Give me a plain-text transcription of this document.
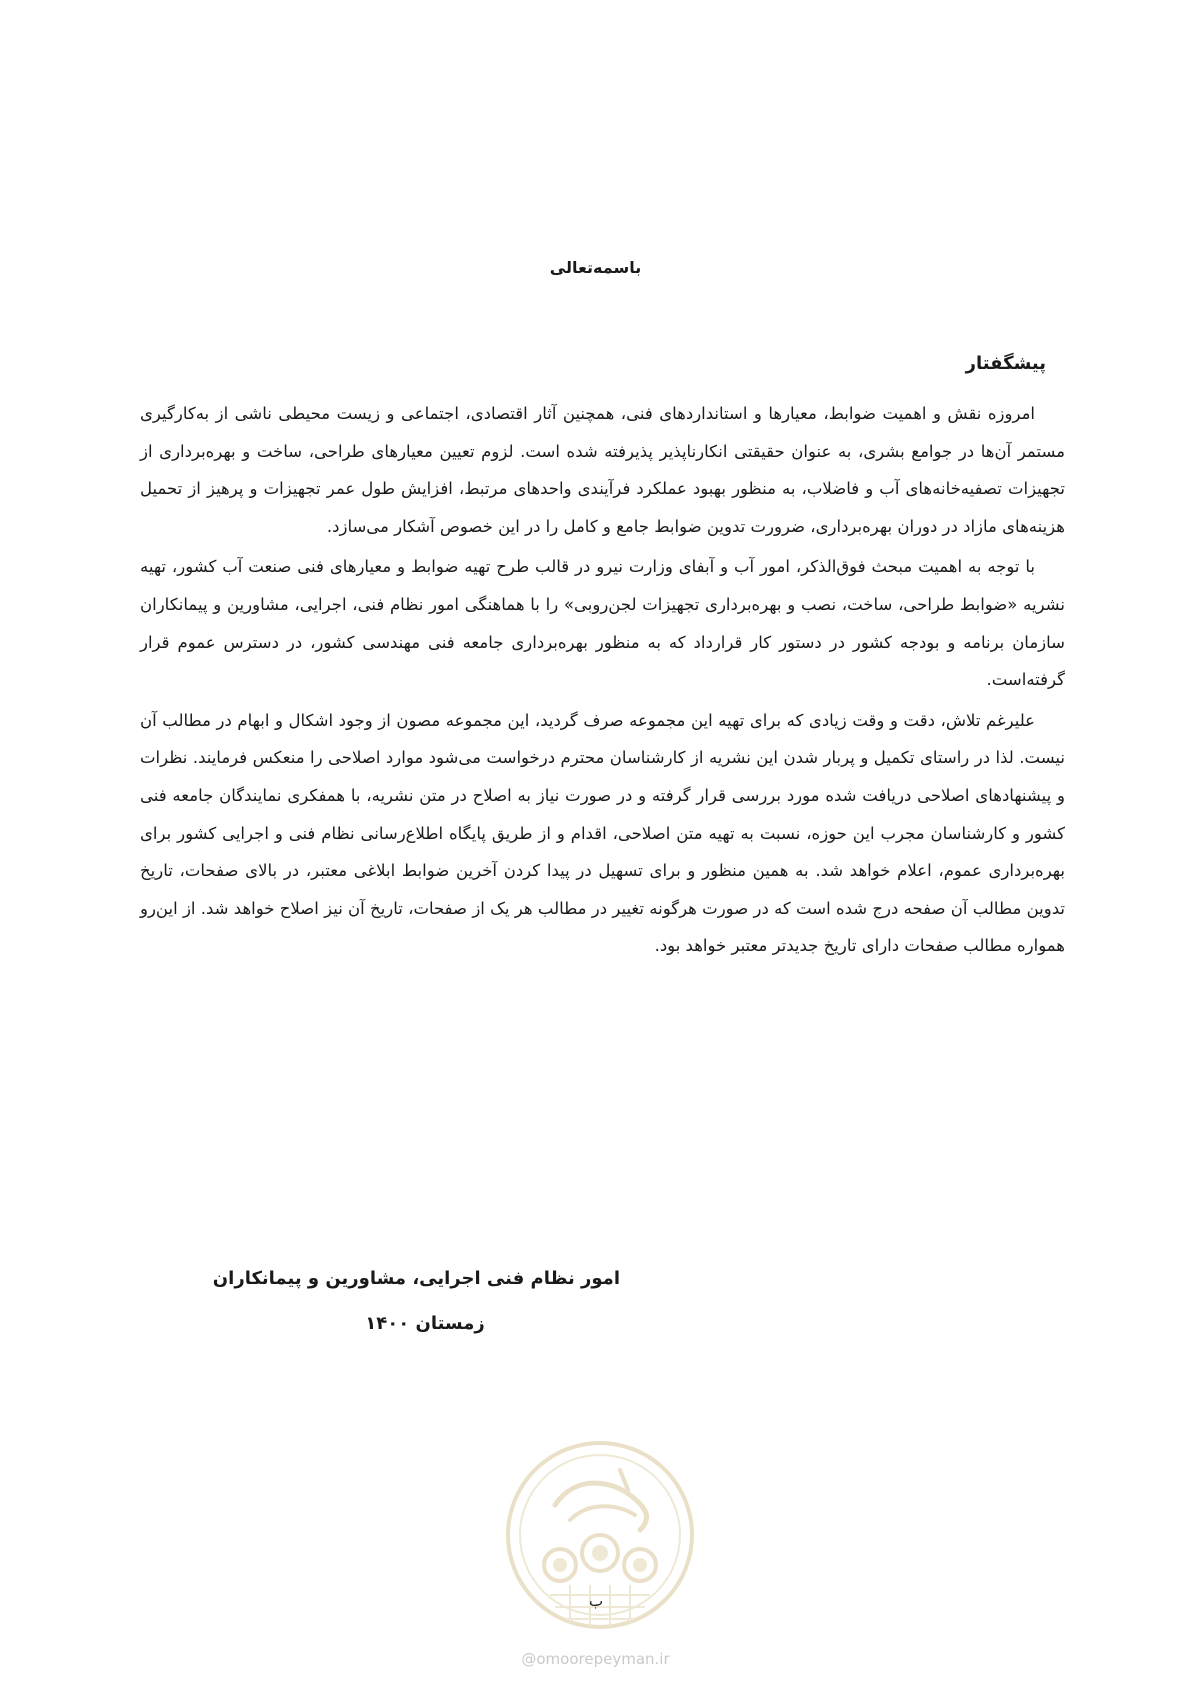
باسمه‌تعالی
پیشگفتار

امروزه نقش و اهمیت ضوابط، معیارها و استانداردهای فنی، همچنین آثار اقتصادی، اجتماعی و زیست محیطی ناشی از به‌کارگیری مستمر آن‌ها در جوامع بشری، به عنوان حقیقتی انکارناپذیر پذیرفته شده است. لزوم تعیین معیارهای طراحی، ساخت و بهره‌برداری از تجهیزات تصفیه‌خانه‌های آب و فاضلاب، به منظور بهبود عملکرد فرآیندی واحدهای مرتبط، افزایش طول عمر تجهیزات و پرهیز از تحمیل هزینه‌های مازاد در دوران بهره‌برداری، ضرورت تدوین ضوابط جامع و کامل را در این خصوص آشکار می‌سازد.

با توجه به اهمیت مبحث فوق‌الذکر، امور آب و آبفای وزارت نیرو در قالب طرح تهیه ضوابط و معیارهای فنی صنعت آب کشور، تهیه نشریه «ضوابط طراحی، ساخت، نصب و بهره‌برداری تجهیزات لجن‌روبی» را با هماهنگی امور نظام فنی، اجرایی، مشاورین و پیمانکاران سازمان برنامه و بودجه کشور در دستور کار قرارداد که به منظور بهره‌برداری جامعه فنی مهندسی کشور، در دسترس عموم قرار گرفته‌است.

علیرغم تلاش، دقت و وقت زیادی که برای تهیه این مجموعه صرف گردید، این مجموعه مصون از وجود اشکال و ابهام در مطالب آن نیست. لذا در راستای تکمیل و پربار شدن این نشریه از کارشناسان محترم درخواست می‌شود موارد اصلاحی را منعکس فرمایند. نظرات و پیشنهادهای اصلاحی دریافت شده مورد بررسی قرار گرفته و در صورت نیاز به اصلاح در متن نشریه، با همفکری نمایندگان جامعه فنی کشور و کارشناسان مجرب این حوزه، نسبت به تهیه متن اصلاحی، اقدام و از طریق پایگاه اطلاع‌رسانی نظام فنی و اجرایی کشور برای بهره‌برداری عموم، اعلام خواهد شد. به همین منظور و برای تسهیل در پیدا کردن آخرین ضوابط ابلاغی معتبر، در بالای صفحات، تاریخ تدوین مطالب آن صفحه درج شده است که در صورت هرگونه تغییر در مطالب هر یک از صفحات، تاریخ آن نیز اصلاح خواهد شد. از این‌رو همواره مطالب صفحات دارای تاریخ جدیدتر معتبر خواهد بود.

امور نظام فنی اجرایی، مشاورین و پیمانکاران
زمستان ۱۴۰۰
ب
@omoorepeyman.ir
